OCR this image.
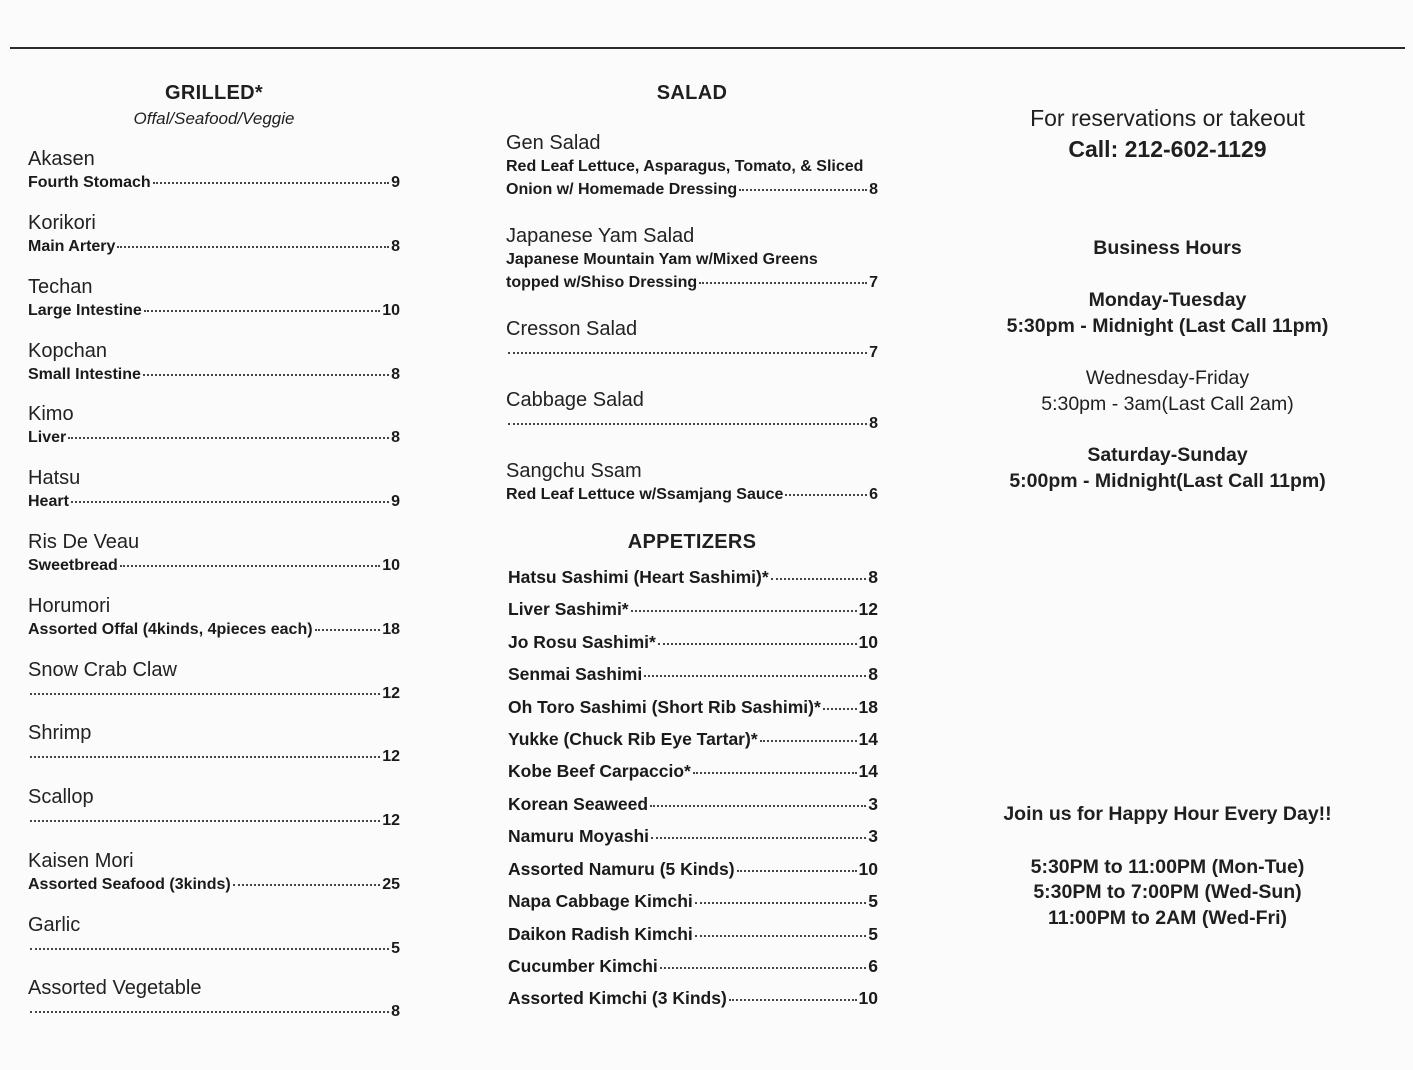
GRILLED*
Offal/Seafood/Veggie
Akasen
Fourth Stomach	9
Korikori
Main Artery	8
Techan
Large Intestine	10
Kopchan
Small Intestine	8
Kimo
Liver	8
Hatsu
Heart	9
Ris De Veau
Sweetbread	10
Horumori
Assorted Offal (4kinds, 4pieces each)	18
Snow Crab Claw
12
Shrimp
12
Scallop
12
Kaisen Mori
Assorted Seafood (3kinds)	25
Garlic
5
Assorted Vegetable
8
SALAD
Gen Salad
Red Leaf Lettuce, Asparagus, Tomato, & Sliced
Onion w/ Homemade Dressing	8
Japanese Yam Salad
Japanese Mountain Yam w/Mixed Greens
topped w/Shiso Dressing	7
Cresson Salad
7
Cabbage Salad
8
Sangchu Ssam
Red Leaf Lettuce w/Ssamjang Sauce	6
APPETIZERS
Hatsu Sashimi (Heart Sashimi)*	8
Liver Sashimi*	12
Jo Rosu Sashimi*	10
Senmai Sashimi	8
Oh Toro Sashimi (Short Rib Sashimi)* 18
Yukke (Chuck Rib Eye Tartar)*	14
Kobe Beef Carpaccio*	14
Korean Seaweed	3
Namuru Moyashi	3
Assorted Namuru (5 Kinds)	10
Napa Cabbage Kimchi	5
Daikon Radish Kimchi	5
Cucumber Kimchi	6
Assorted Kimchi (3 Kinds)	10
For reservations or takeout
Call: 212-602-1129
Business Hours
Monday-Tuesday
5:30pm - Midnight (Last Call 11pm)
Wednesday-Friday
5:30pm - 3am(Last Call 2am)
Saturday-Sunday
5:00pm - Midnight(Last Call 11pm)
Join us for Happy Hour Every Day!!
5:30PM to 11:00PM (Mon-Tue)
5:30PM to 7:00PM (Wed-Sun)
11:00PM to 2AM (Wed-Fri)
